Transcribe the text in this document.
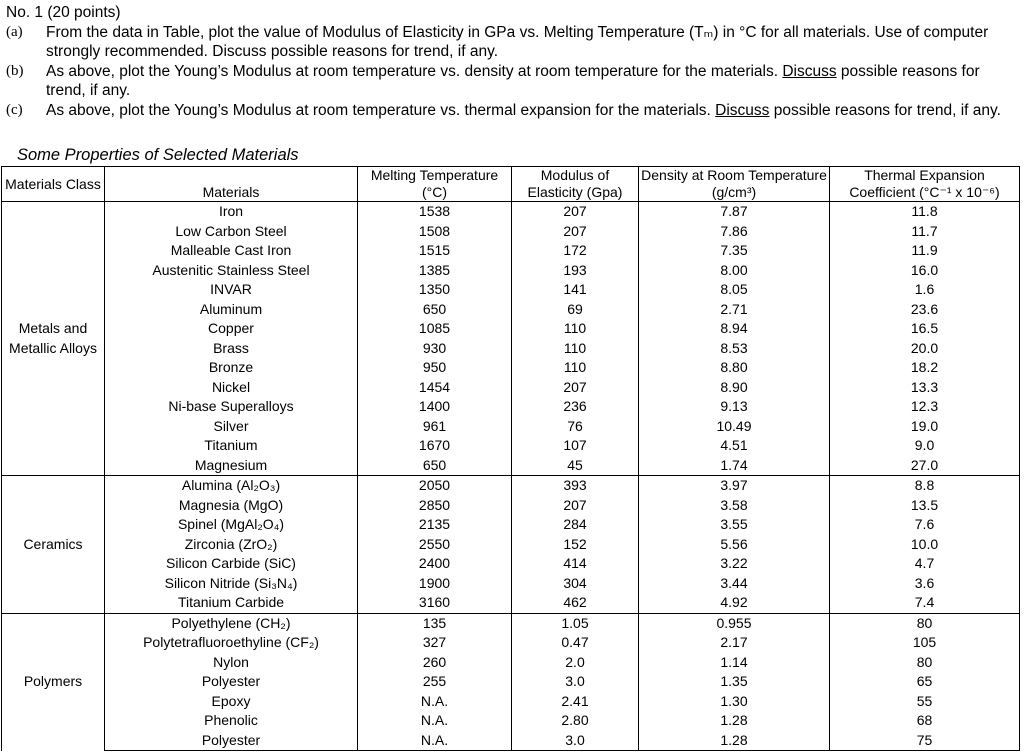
No. 1 (20 points)
(a)	From the data in Table, plot the value of Modulus of Elasticity in GPa vs. Melting Temperature (Tₘ) in °C for all materials. Use of computer strongly recommended. Discuss possible reasons for trend, if any.
(b)	As above, plot the Young’s Modulus at room temperature vs. density at room temperature for the materials. Discuss possible reasons for trend, if any.
(c)	As above, plot the Young’s Modulus at room temperature vs. thermal expansion for the materials. Discuss possible reasons for trend, if any.
Some Properties of Selected Materials
Materials Class	Materials	Melting Temperature (°C)	Modulus of Elasticity (Gpa)	Density at Room Temperature (g/cm³)	Thermal Expansion Coefficient (°C⁻¹ x 10⁻⁶)
Metals and Metallic Alloys	Iron	1538	207	7.87	11.8
	Low Carbon Steel	1508	207	7.86	11.7
	Malleable Cast Iron	1515	172	7.35	11.9
	Austenitic Stainless Steel	1385	193	8.00	16.0
	INVAR	1350	141	8.05	1.6
	Aluminum	650	69	2.71	23.6
	Copper	1085	110	8.94	16.5
	Brass	930	110	8.53	20.0
	Bronze	950	110	8.80	18.2
	Nickel	1454	207	8.90	13.3
	Ni-base Superalloys	1400	236	9.13	12.3
	Silver	961	76	10.49	19.0
	Titanium	1670	107	4.51	9.0
	Magnesium	650	45	1.74	27.0
Ceramics	Alumina (Al₂O₃)	2050	393	3.97	8.8
	Magnesia (MgO)	2850	207	3.58	13.5
	Spinel (MgAl₂O₄)	2135	284	3.55	7.6
	Zirconia (ZrO₂)	2550	152	5.56	10.0
	Silicon Carbide (SiC)	2400	414	3.22	4.7
	Silicon Nitride (Si₃N₄)	1900	304	3.44	3.6
	Titanium Carbide	3160	462	4.92	7.4
Polymers	Polyethylene (CH₂)	135	1.05	0.955	80
	Polytetrafluoroethyline (CF₂)	327	0.47	2.17	105
	Nylon	260	2.0	1.14	80
	Polyester	255	3.0	1.35	65
	Epoxy	N.A.	2.41	1.30	55
	Phenolic	N.A.	2.80	1.28	68
	Polyester	N.A.	3.0	1.28	75
